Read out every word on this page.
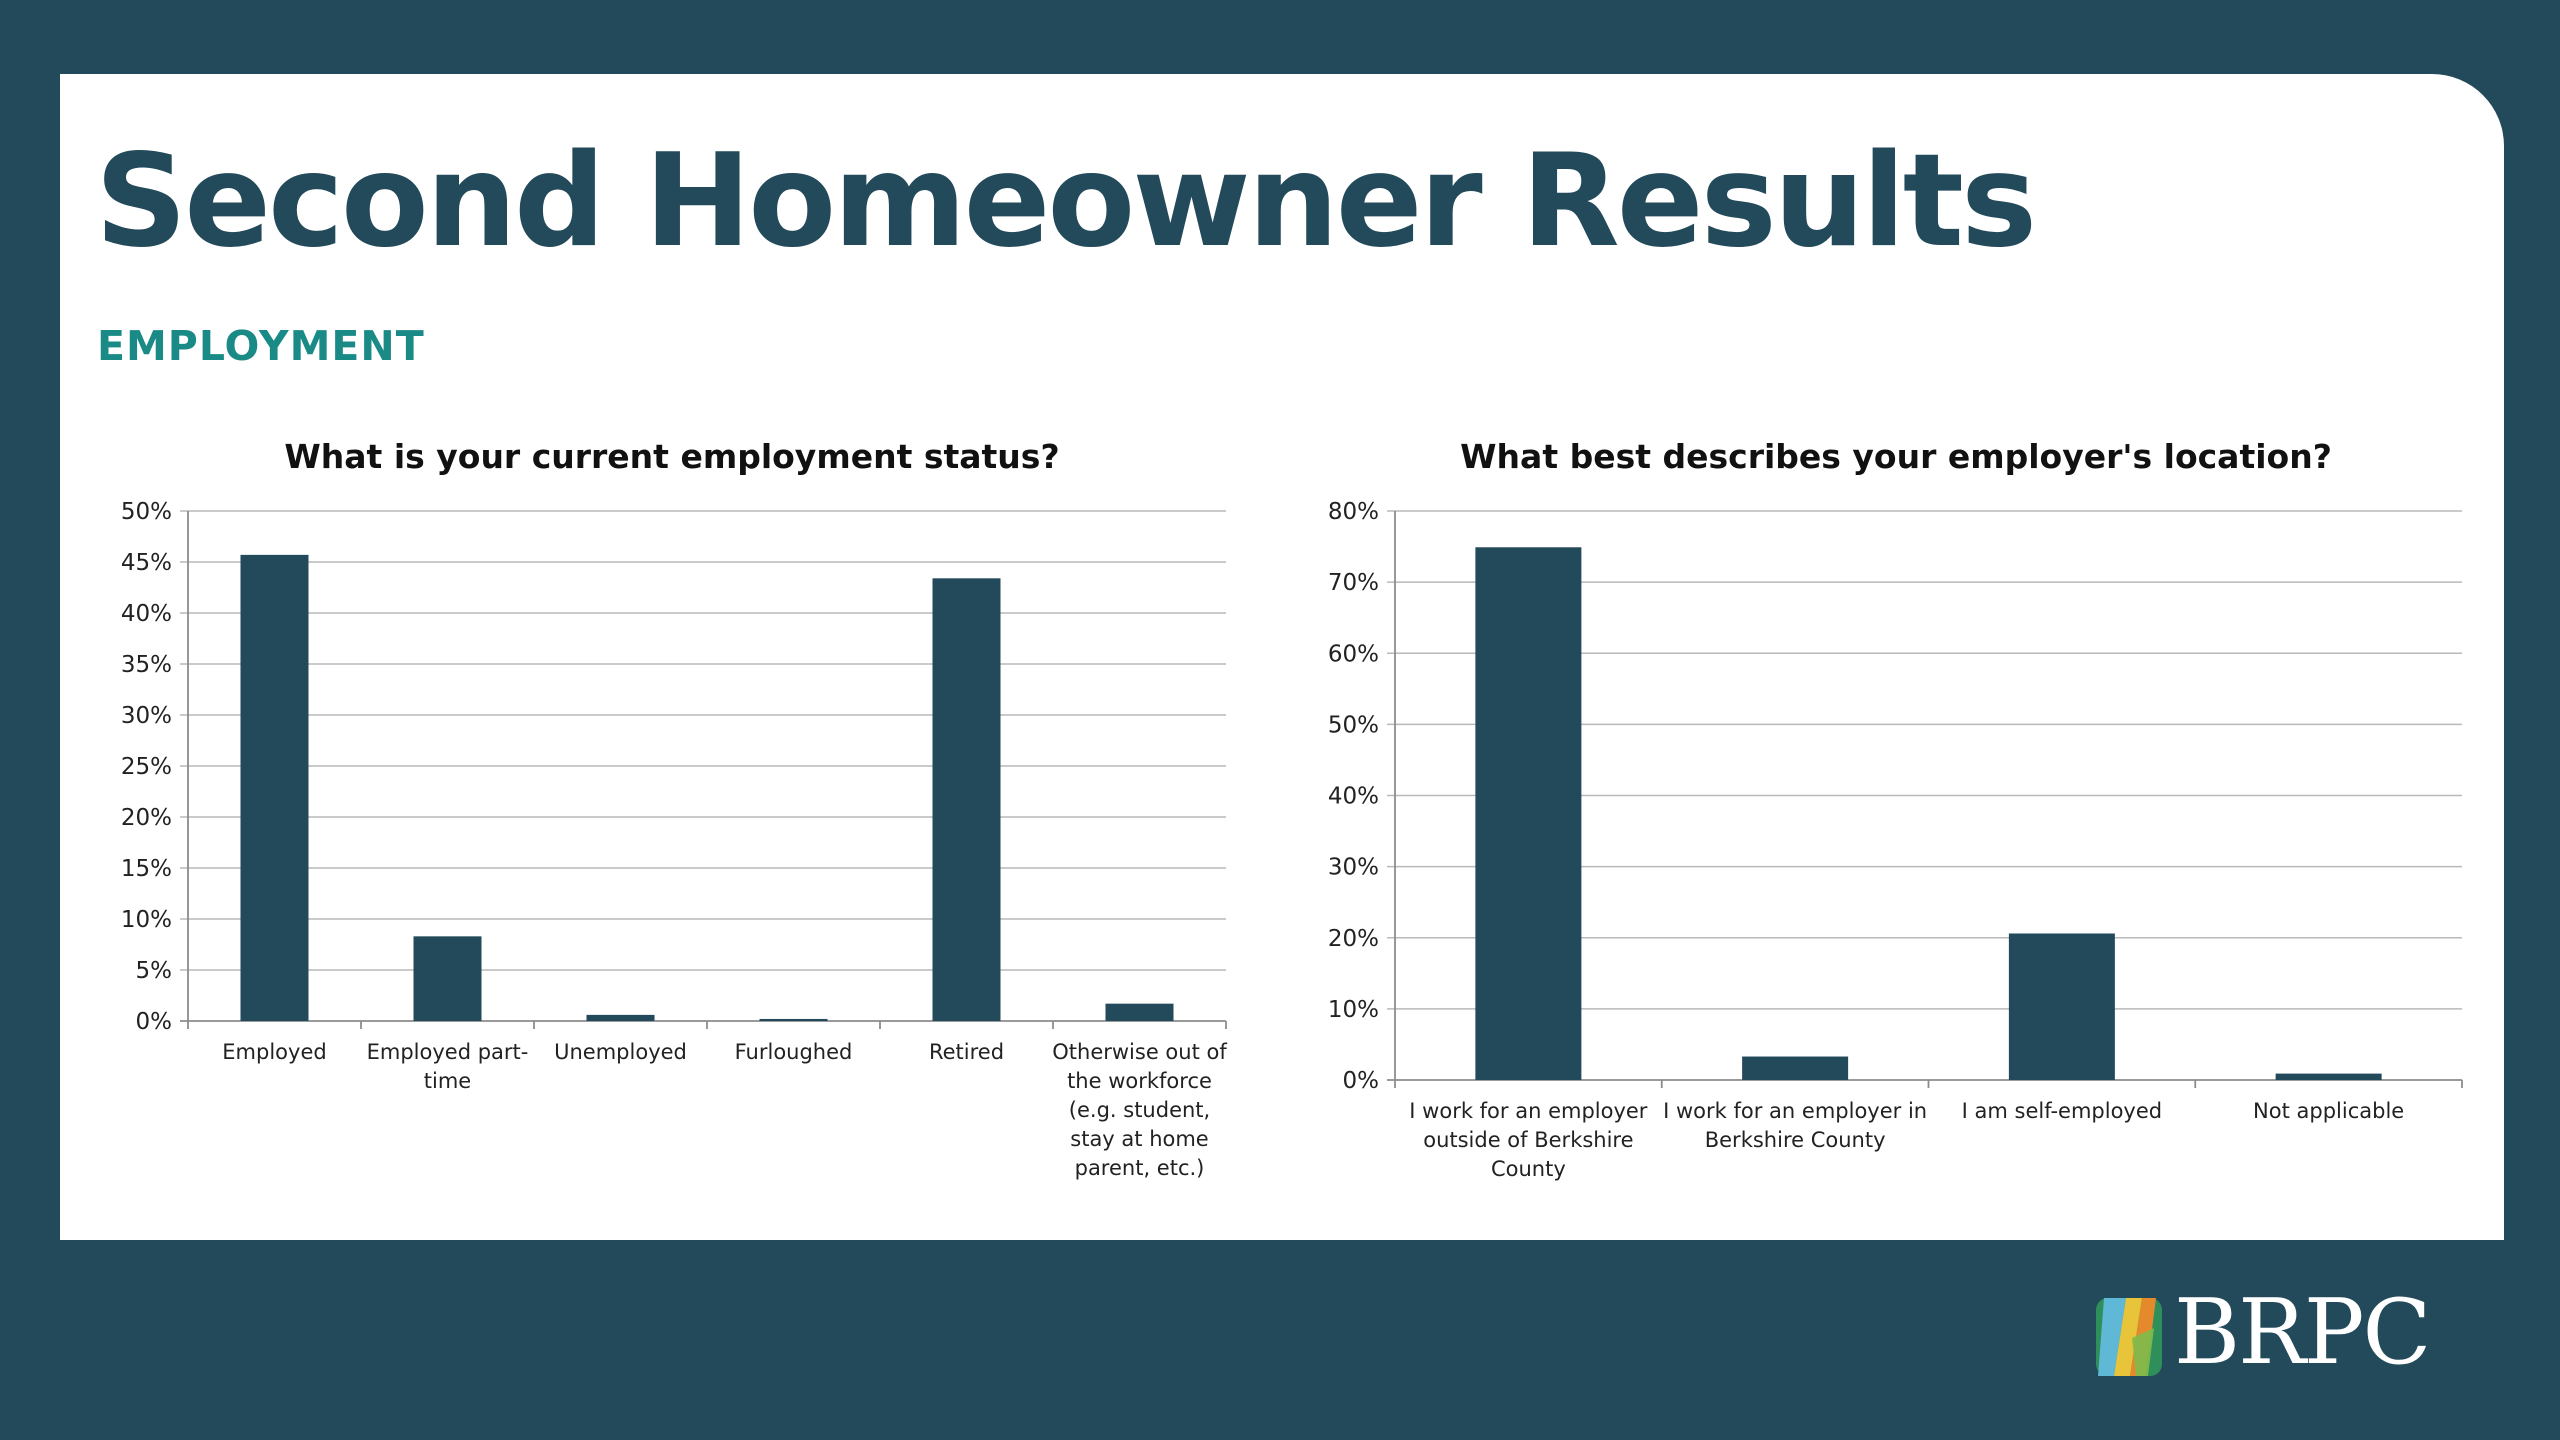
Second Homeowner Results
EMPLOYMENT
What is your current employment status?
0%
5%
10%
15%
20%
25%
30%
35%
40%
45%
50%
Employed Employed part-
time
Unemployed Furloughed	Retired Otherwise out of
the workforce
(e.g. student,
stay at home
parent, etc.)
What best describes your employer's location?
0%
10%
20%
30%
40%
50%
60%
70%
80%
I work for an employer
outside of Berkshire
County
I work for an employer in
Berkshire County
I am self-employed	Not applicable
BRPC
